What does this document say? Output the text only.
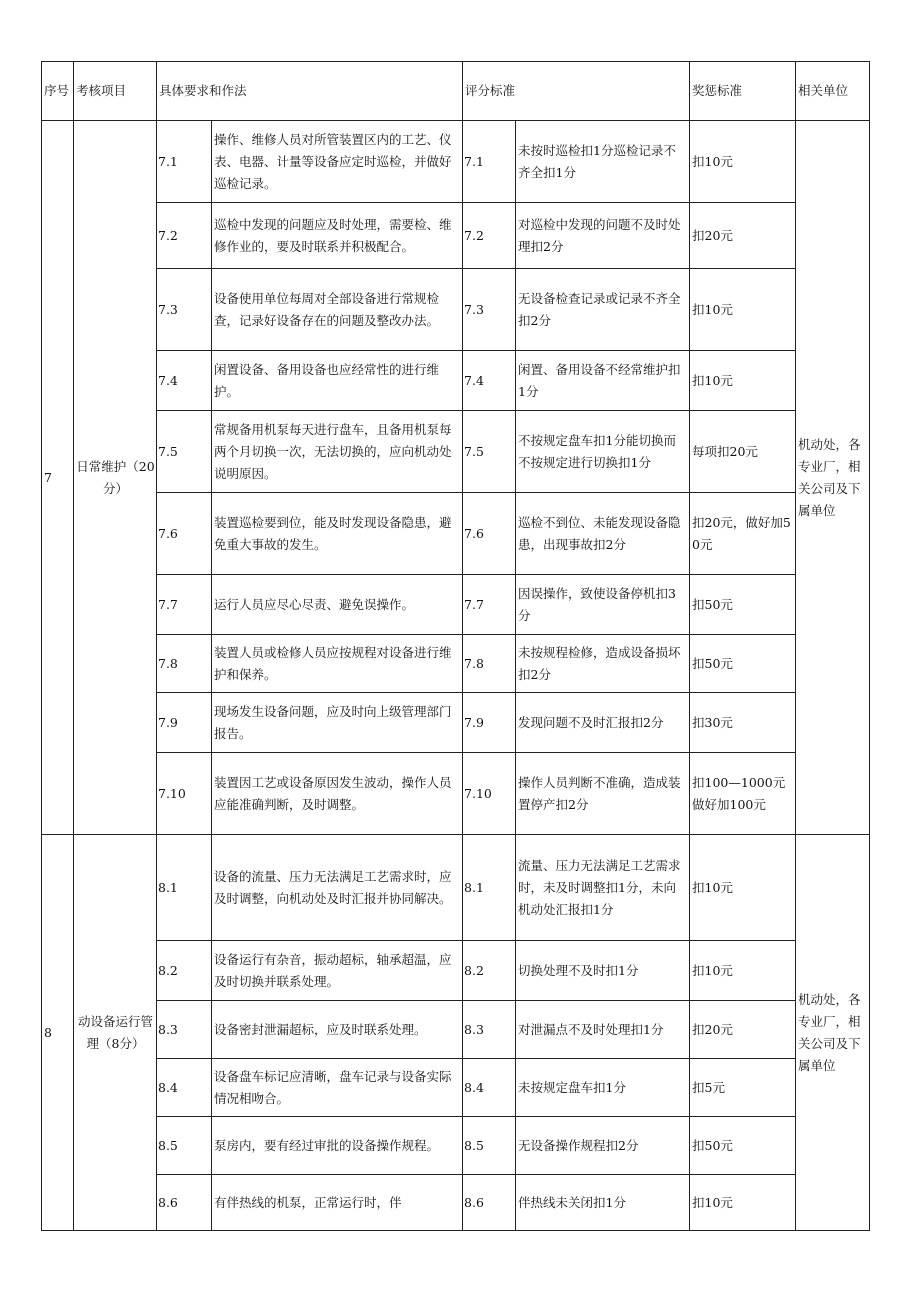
序号	考核项目	具体要求和作法		评分标准		奖惩标准	相关单位
7	日常维护（20分）	7.1	操作、维修人员对所管装置区内的工艺、仪表、电器、计量等设备应定时巡检，并做好巡检记录。	7.1	未按时巡检扣1分巡检记录不齐全扣1分	扣10元	机动处，各专业厂，相关公司及下属单位
		7.2	巡检中发现的问题应及时处理，需要检、维修作业的，要及时联系并积极配合。	7.2	对巡检中发现的问题不及时处理扣2分	扣20元	
		7.3	设备使用单位每周对全部设备进行常规检查，记录好设备存在的问题及整改办法。	7.3	无设备检查记录或记录不齐全扣2分	扣10元	
		7.4	闲置设备、备用设备也应经常性的进行维护。	7.4	闲置、备用设备不经常维护扣1分	扣10元	
		7.5	常规备用机泵每天进行盘车，且备用机泵每两个月切换一次，无法切换的，应向机动处说明原因。	7.5	不按规定盘车扣1分能切换而不按规定进行切换扣1分	每项扣20元	
		7.6	装置巡检要到位，能及时发现设备隐患，避免重大事故的发生。	7.6	巡检不到位、未能发现设备隐患，出现事故扣2分	扣20元，做好加50元	
		7.7	运行人员应尽心尽责、避免误操作。	7.7	因误操作，致使设备停机扣3分	扣50元	
		7.8	装置人员或检修人员应按规程对设备进行维护和保养。	7.8	未按规程检修，造成设备损坏扣2分	扣50元	
		7.9	现场发生设备问题，应及时向上级管理部门报告。	7.9	发现问题不及时汇报扣2分	扣30元	
		7.10	装置因工艺或设备原因发生波动，操作人员应能准确判断，及时调整。	7.10	操作人员判断不准确，造成装置停产扣2分	扣100—1000元做好加100元	
8	动设备运行管理（8分）	8.1	设备的流量、压力无法满足工艺需求时，应及时调整，向机动处及时汇报并协同解决。	8.1	流量、压力无法满足工艺需求时，未及时调整扣1分，未向机动处汇报扣1分	扣10元	机动处，各专业厂，相关公司及下属单位
		8.2	设备运行有杂音，振动超标，轴承超温，应及时切换并联系处理。	8.2	切换处理不及时扣1分	扣10元	
		8.3	设备密封泄漏超标，应及时联系处理。	8.3	对泄漏点不及时处理扣1分	扣20元	
		8.4	设备盘车标记应清晰，盘车记录与设备实际情况相吻合。	8.4	未按规定盘车扣1分	扣5元	
		8.5	泵房内，要有经过审批的设备操作规程。	8.5	无设备操作规程扣2分	扣50元	
		8.6	有伴热线的机泵，正常运行时，伴	8.6	伴热线未关闭扣1分	扣10元	
